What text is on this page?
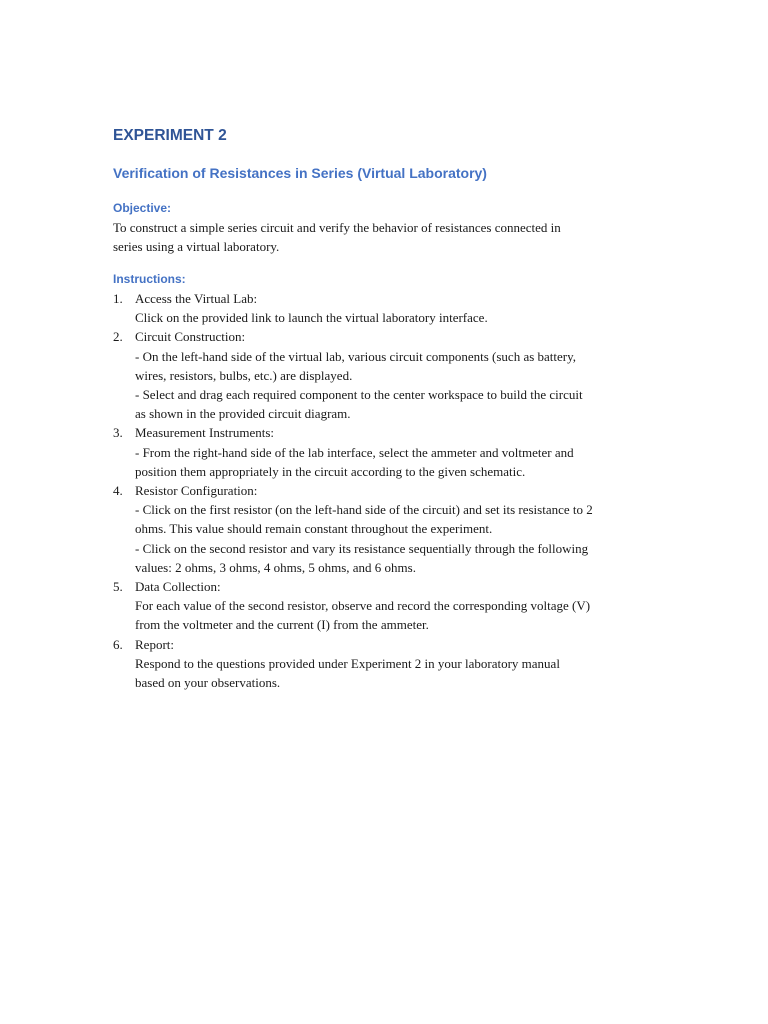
EXPERIMENT 2
Verification of Resistances in Series (Virtual Laboratory)
Objective:
To construct a simple series circuit and verify the behavior of resistances connected in
series using a virtual laboratory.
Instructions:
1. Access the Virtual Lab:
Click on the provided link to launch the virtual laboratory interface.
2. Circuit Construction:
- On the left-hand side of the virtual lab, various circuit components (such as battery,
wires, resistors, bulbs, etc.) are displayed.
- Select and drag each required component to the center workspace to build the circuit
as shown in the provided circuit diagram.
3. Measurement Instruments:
- From the right-hand side of the lab interface, select the ammeter and voltmeter and
position them appropriately in the circuit according to the given schematic.
4. Resistor Configuration:
- Click on the first resistor (on the left-hand side of the circuit) and set its resistance to 2
ohms. This value should remain constant throughout the experiment.
- Click on the second resistor and vary its resistance sequentially through the following
values: 2 ohms, 3 ohms, 4 ohms, 5 ohms, and 6 ohms.
5. Data Collection:
For each value of the second resistor, observe and record the corresponding voltage (V)
from the voltmeter and the current (I) from the ammeter.
6. Report:
Respond to the questions provided under Experiment 2 in your laboratory manual
based on your observations.
